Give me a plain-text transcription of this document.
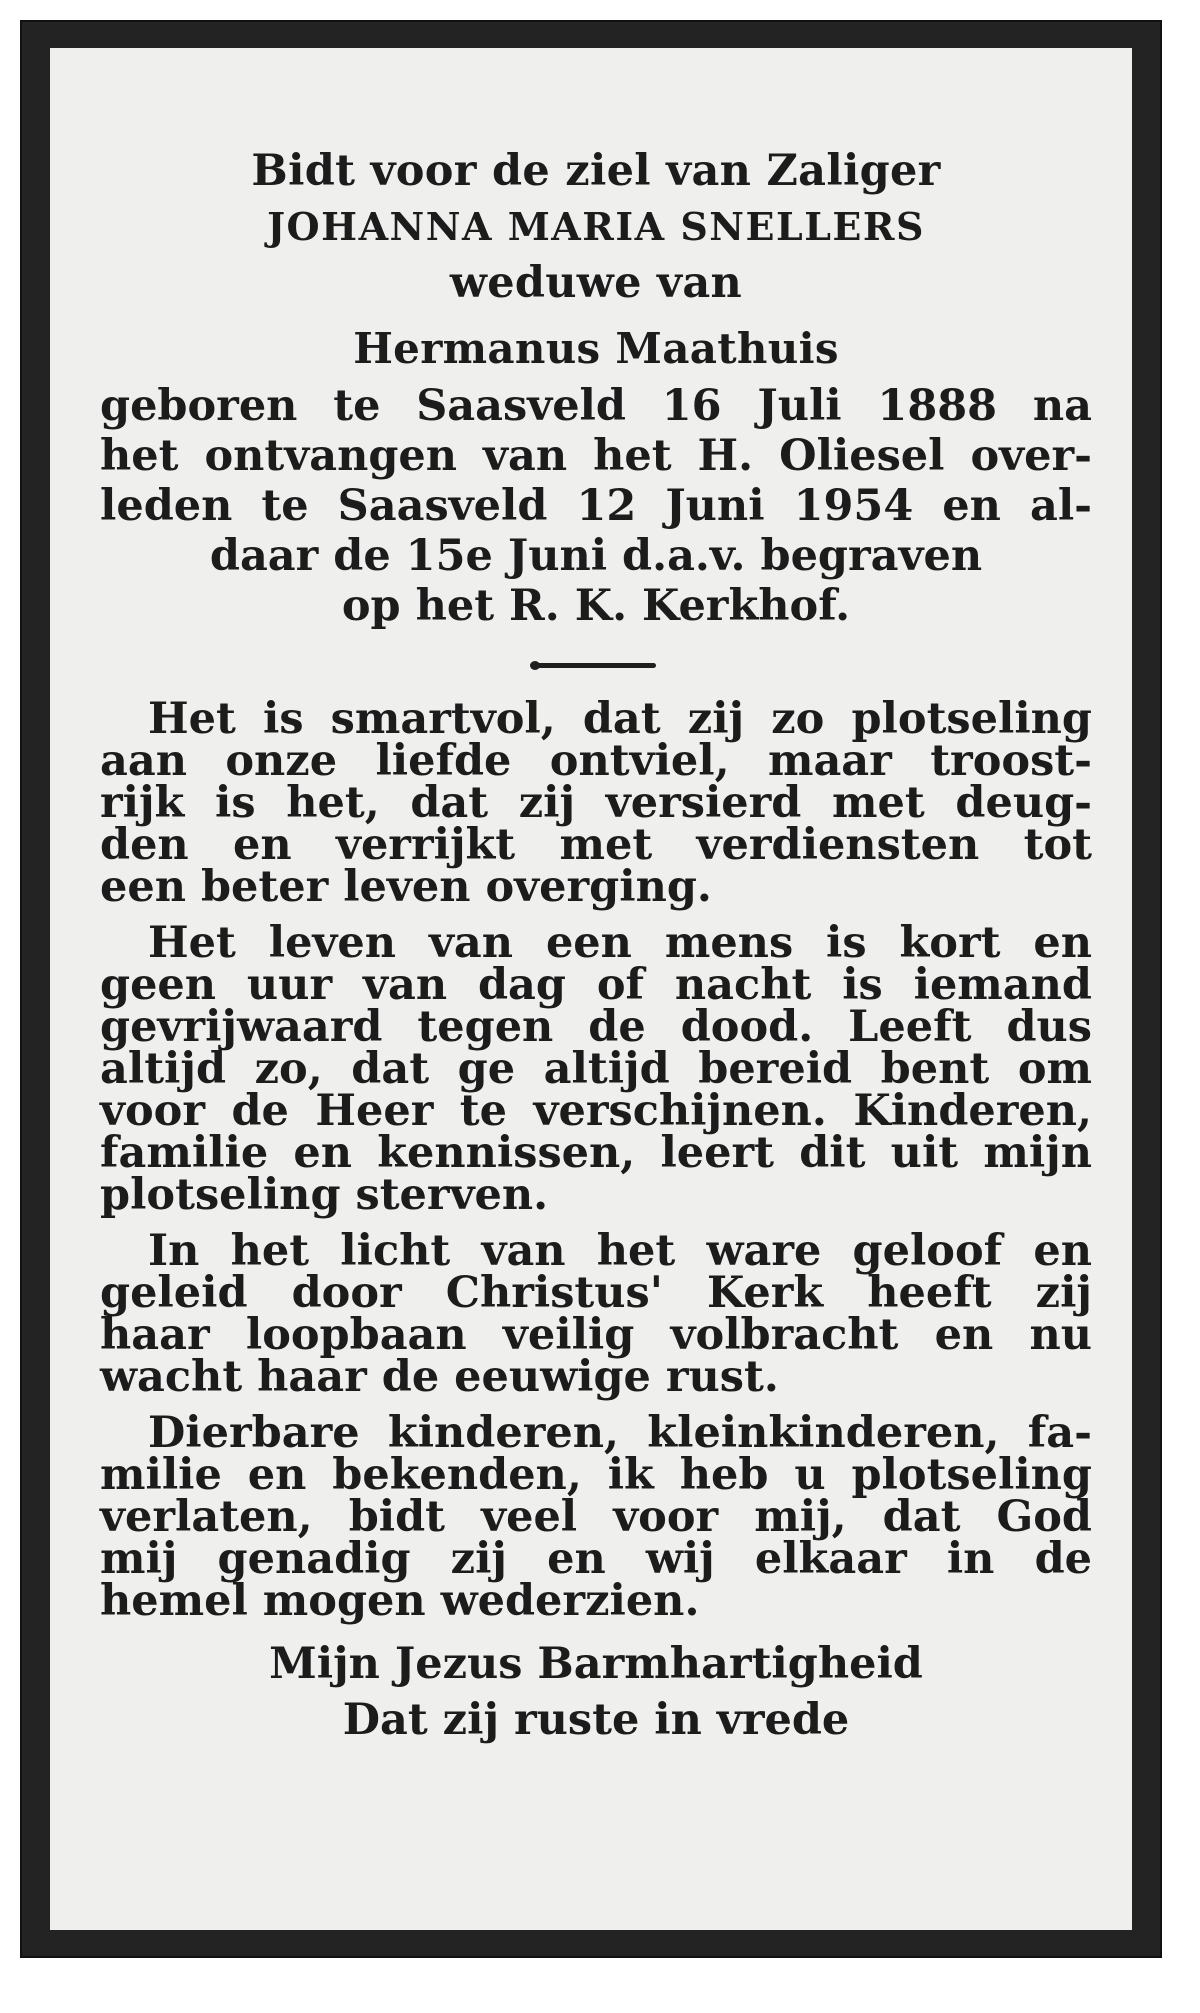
Bidt voor de ziel van Zaliger
JOHANNA MARIA SNELLERS
weduwe van
Hermanus Maathuis
geboren te Saasveld 16 Juli 1888 na
het ontvangen van het H. Oliesel over-
leden te Saasveld 12 Juni 1954 en al-
daar de 15e Juni d.a.v. begraven
op het R. K. Kerkhof.
Het is smartvol, dat zij zo plotseling
aan onze liefde ontviel, maar troost-
rijk is het, dat zij versierd met deug-
den en verrijkt met verdiensten tot
een beter leven overging.
Het leven van een mens is kort en
geen uur van dag of nacht is iemand
gevrijwaard tegen de dood. Leeft dus
altijd zo, dat ge altijd bereid bent om
voor de Heer te verschijnen. Kinderen,
familie en kennissen, leert dit uit mijn
plotseling sterven.
In het licht van het ware geloof en
geleid door Christus' Kerk heeft zij
haar loopbaan veilig volbracht en nu
wacht haar de eeuwige rust.
Dierbare kinderen, kleinkinderen, fa-
milie en bekenden, ik heb u plotseling
verlaten, bidt veel voor mij, dat God
mij genadig zij en wij elkaar in de
hemel mogen wederzien.
Mijn Jezus Barmhartigheid
Dat zij ruste in vrede
